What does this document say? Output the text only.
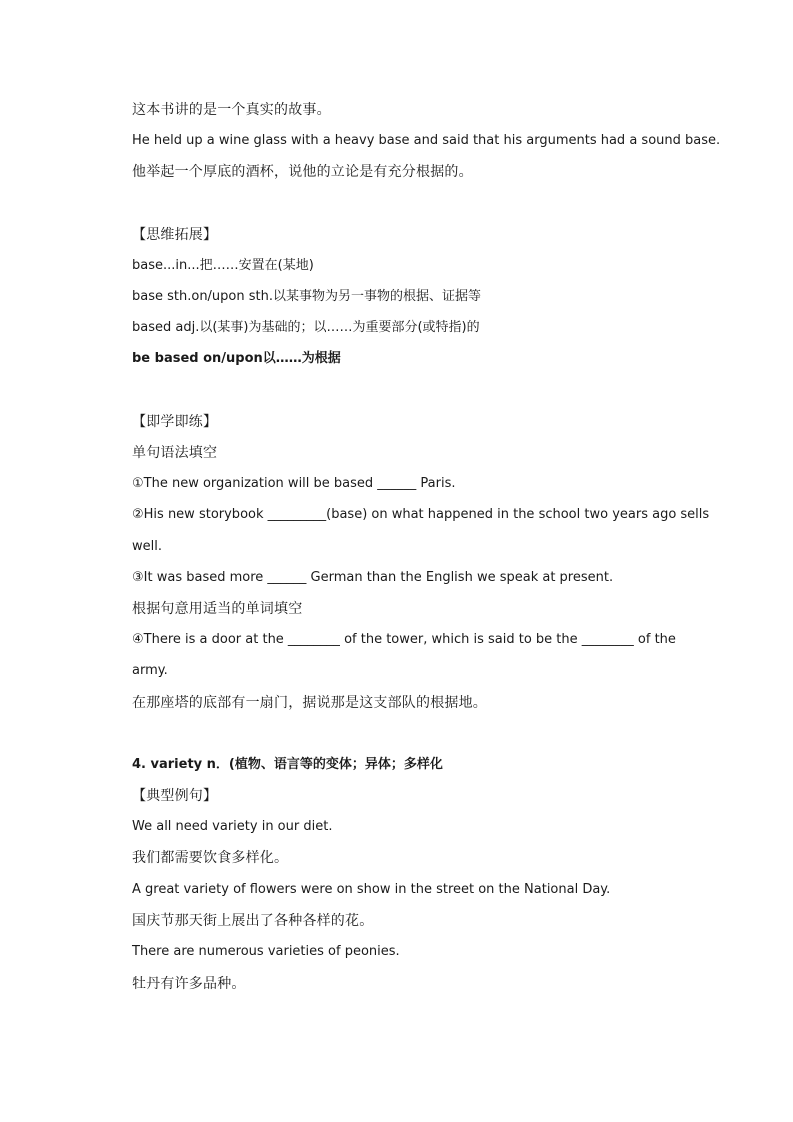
这本书讲的是一个真实的故事。
He held up a wine glass with a heavy base and said that his arguments had a sound base.
他举起一个厚底的酒杯，说他的立论是有充分根据的。
【思维拓展】
base...in...把……安置在(某地)
base sth.on/upon sth.以某事物为另一事物的根据、证据等
based adj.以(某事)为基础的；以……为重要部分(或特指)的
be based on/upon以……为根据
【即学即练】
单句语法填空
①The new organization will be based ______ Paris.
②His new storybook _________(base) on what happened in the school two years ago sells
well.
③It was based more ______ German than the English we speak at present.
根据句意用适当的单词填空
④There is a door at the ________ of the tower, which is said to be the ________ of the
army.
在那座塔的底部有一扇门，据说那是这支部队的根据地。
4. variety n．(植物、语言等的变体；异体；多样化
【典型例句】
We all need variety in our diet.
我们都需要饮食多样化。
A great variety of flowers were on show in the street on the National Day.
国庆节那天街上展出了各种各样的花。
There are numerous varieties of peonies.
牡丹有许多品种。
